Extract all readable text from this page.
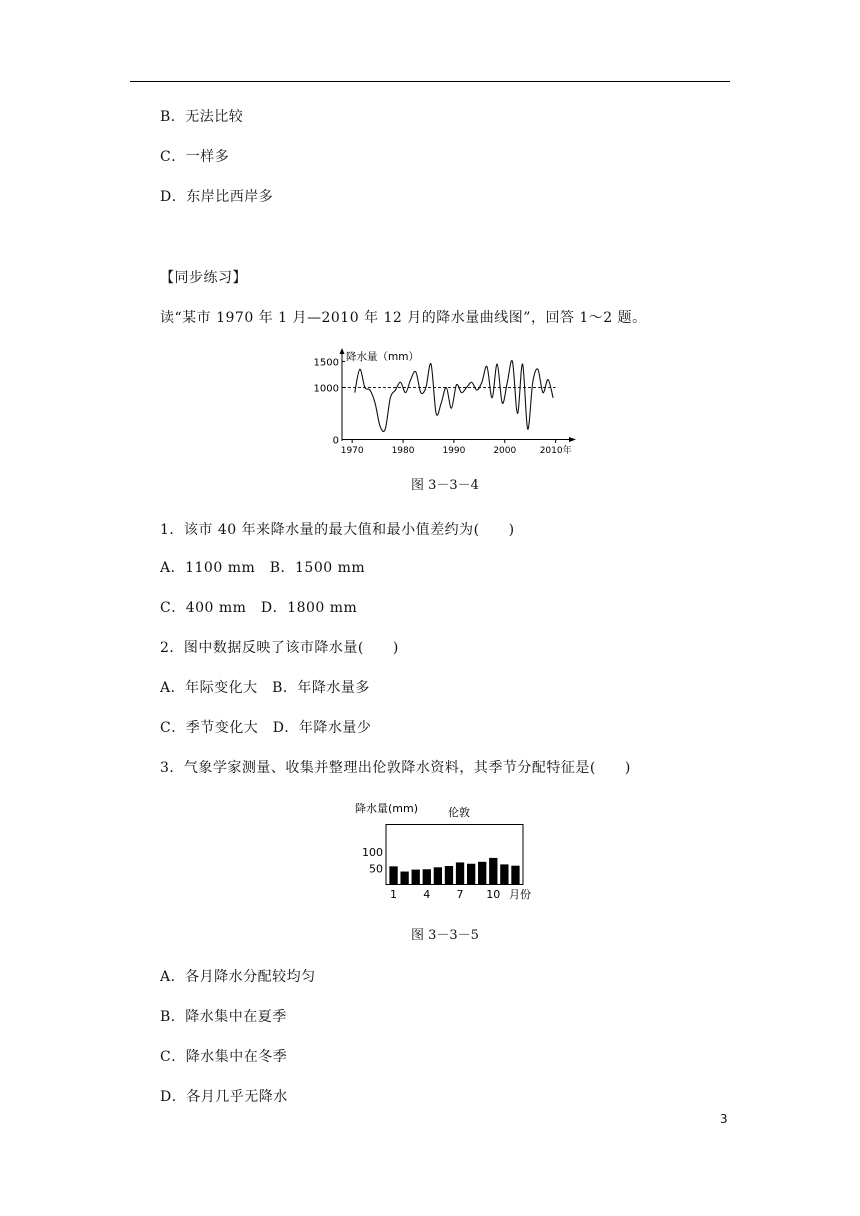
B．无法比较
C．一样多
D．东岸比西岸多
【同步练习】
读“某市 1970 年 1 月—2010 年 12 月的降水量曲线图”，回答 1～2 题。
降水量（mm）
1500
1000
0
1970	1980	1990	2000	2010年
图 3－3－4
1．该市 40 年来降水量的最大值和最小值差约为(　　)
A．1100 mm　B．1500 mm
C．400 mm　D．1800 mm
2．图中数据反映了该市降水量(　　)
A．年际变化大　B．年降水量多
C．季节变化大　D．年降水量少
3．气象学家测量、收集并整理出伦敦降水资料，其季节分配特征是(　　)
降水量(mm)	伦敦
100
50
1 4 7 10 月份
图 3－3－5
A．各月降水分配较均匀
B．降水集中在夏季
C．降水集中在冬季
D．各月几乎无降水
3
